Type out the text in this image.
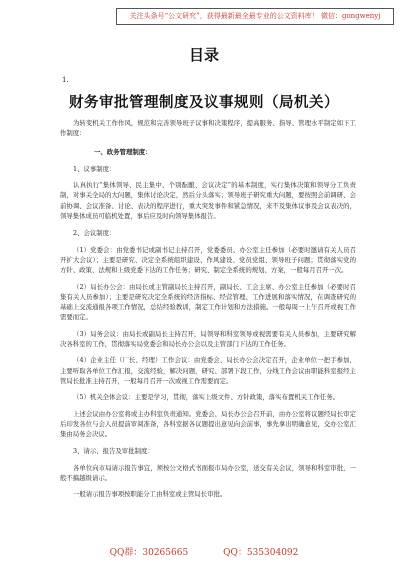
关注头条号“公文研究”，获得最新最全最专业的公文资料库！ 微信：gongwenyj
目录
1.
财务审批管理制度及议事规则（局机关）

为转变机关工作作风，规范和完善领导班子议事和决策程序，提高服务、指导、管理水平制定如下工作制度：

一、政务管理制度：

1、议事制度：

认真执行“集体领导、民主集中、个别酝酿、会议决定”的基本制度，实行集体决策和领导分工负责制，对事关全局的大问题，集体讨论决定，然后分头落实；领导班子研究重大问题，要按照会前调研、会前协调、会议准备、讨论、表决的程序进行，重大突发事件和紧急情况，来不及集体议事及会议表决的，领导集体成员可临机处置，事后应及时向领导集体报告。

2、会议制度：

（1）党委会：由党委书记或副书记主持召开，党委委员、办公室主任参加（必要时邀请有关人员召开扩大会议）；主要是研究、决定全系统组织建设、作风建设、党员党组、领导班子问题；贯彻落实党的方针、政策、法规和上级党委下达的工作任务；研究、制定全系统的规划、方案，一般每月召开一次。

（2）局长办公会：由局长或主管副局长主持召开，副局长、工会主席、办公室主任参加（必要时召集有关人员参加）；主要是研究决定全系统的经济指标、经营管理、工作进展和落实情况，在调查研究的基础上交流通报各项工作情况，总结经验教训，制定工作计划和方法措施。一般每周一上午召开或视工作需要而定。

（3）局务会议：由局长或副局长主持召开，局领导和科室领导或视需要有关人员参加，主要研究解决各科室的工作，贯彻落实局党委会和局长办公会以及主管部门下达的工作任务。

（4）企业主任（厂长、经理）工作会议：由党委会、局长办公会决定召开，企业单位一把手参加，主要听取各单位工作汇报，交流经验，解决问题，研究、部署下段工作，分线工作会议由职能科室报经主管局长批准主持召开，一般每月召开一次或视工作需要而定。

（5）机关全体会议：主要是学习，贯彻，落实上级文件、方针政策，落实布置机关工作任务。

上述会议由办公室将或主办科室负责通知。党委会、局长办公会召开前，由办公室将议题经局长审定后印发各位与会人员提前审阅准备，各科室据各议题提出意见向会前事，事先拿出明确意见，交办公室汇集由局务会决议。

3、请示、报告及审批制度：

各单位向市局请示报告事宜，须按公文格式书面报市局办公室，送交有关会议，领导和科室审批，一般不搞越级请示。

一般请示报告事项按职能分工由科室或主管局长审批。

QQ群：30265665	QQ：535304092
